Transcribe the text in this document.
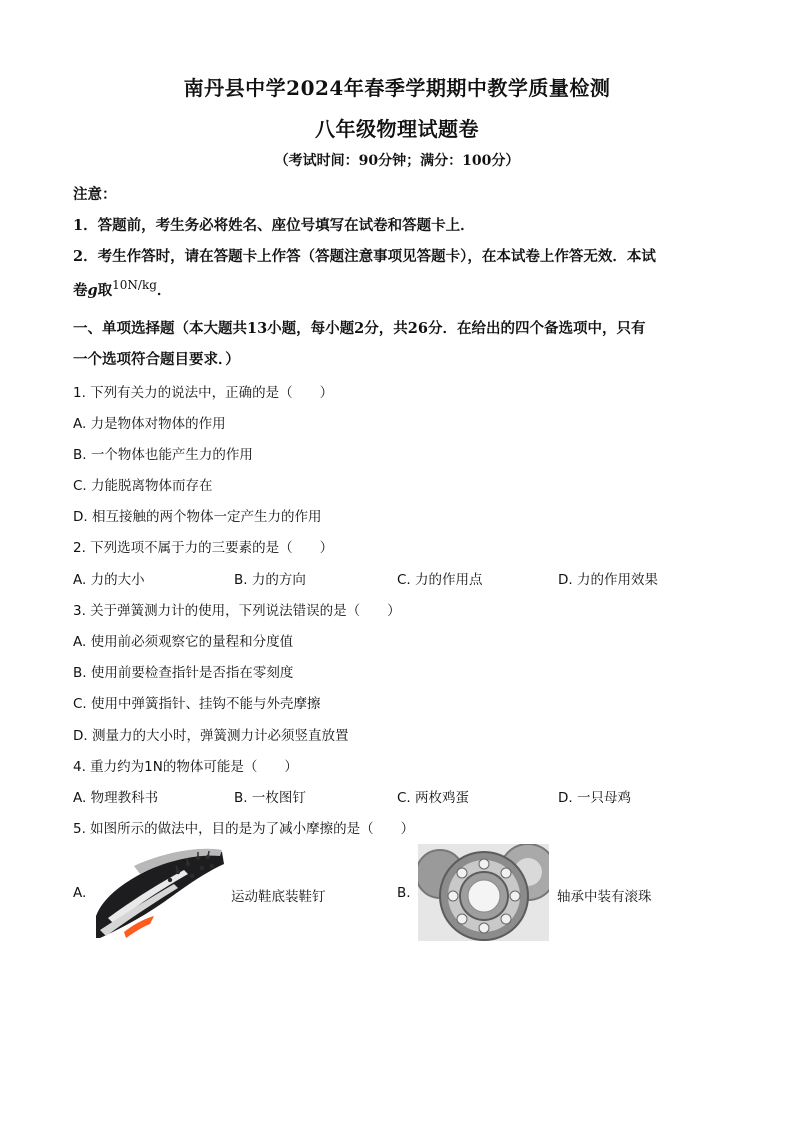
南丹县中学2024年春季学期期中教学质量检测
八年级物理试题卷
（考试时间：90分钟；满分：100分）
注意：
1．答题前，考生务必将姓名、座位号填写在试卷和答题卡上．
2．考生作答时，请在答题卡上作答（答题注意事项见答题卡），在本试卷上作答无效．本试
卷g取$^{10N/kg}$．
一、单项选择题（本大题共13小题，每小题2分，共26分．在给出的四个备选项中，只有
一个选项符合题目要求．）
1. 下列有关力的说法中，正确的是（　　）
A. 力是物体对物体的作用
B. 一个物体也能产生力的作用
C. 力能脱离物体而存在
D. 相互接触的两个物体一定产生力的作用
2. 下列选项不属于力的三要素的是（　　）
A. 力的大小	B. 力的方向	C. 力的作用点	D. 力的作用效果
3. 关于弹簧测力计的使用，下列说法错误的是（　　）
A. 使用前必须观察它的量程和分度值
B. 使用前要检查指针是否指在零刻度
C. 使用中弹簧指针、挂钩不能与外壳摩擦
D. 测量力的大小时，弹簧测力计必须竖直放置
4. 重力约为1N的物体可能是（　　）
A. 物理教科书	B. 一枚图钉	C. 两枚鸡蛋	D. 一只母鸡
5. 如图所示的做法中，目的是为了减小摩擦的是（　　）
A.	运动鞋底装鞋钉	B.	轴承中装有滚珠
